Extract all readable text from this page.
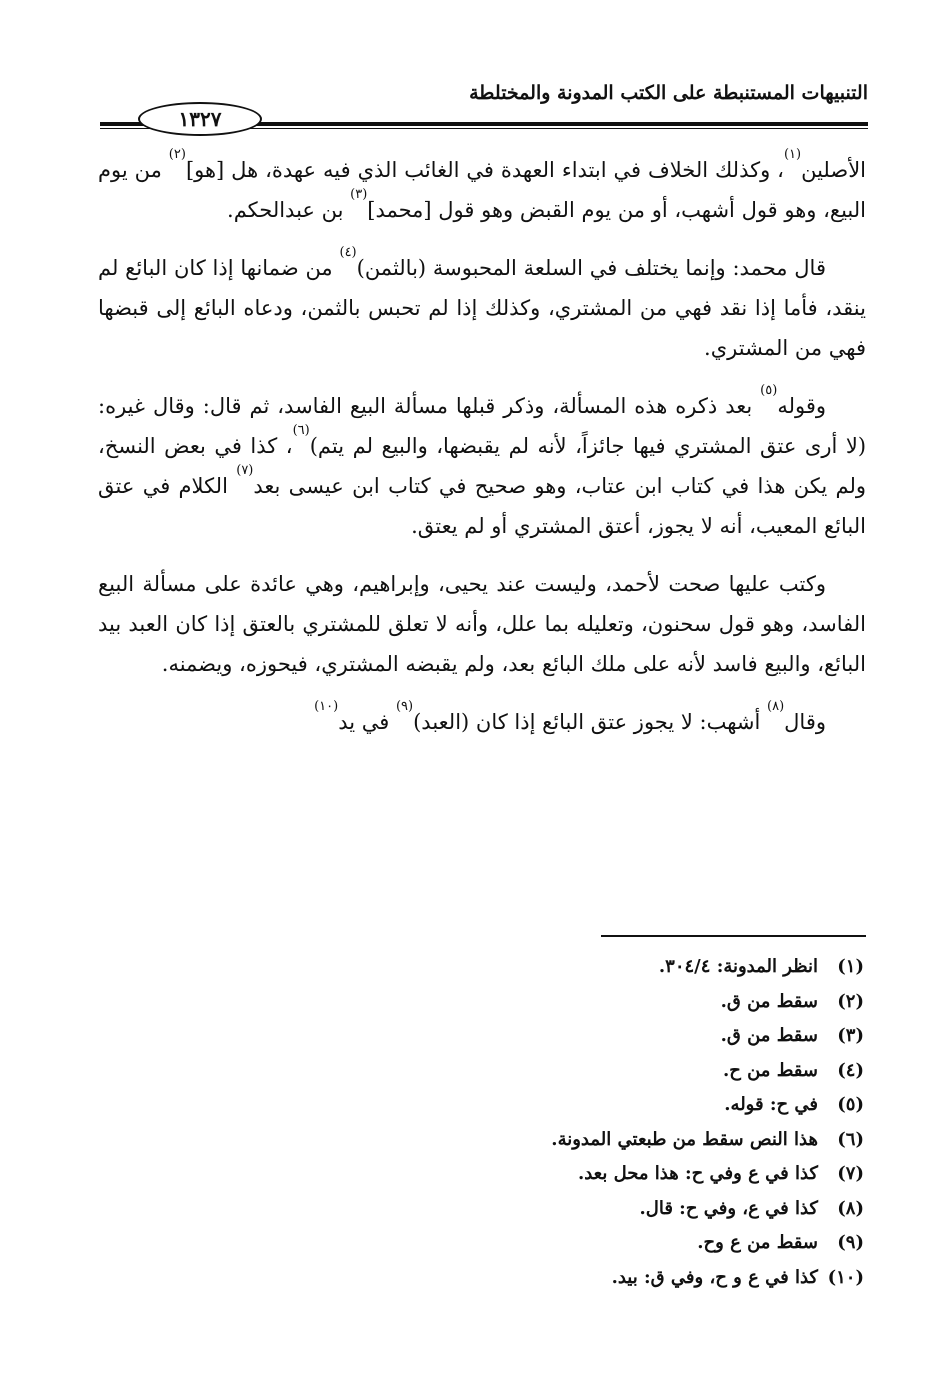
التنبيهات المستنبطة على الكتب المدونة والمختلطة
١٣٢٧

الأصلين$^{(١)}$، وكذلك الخلاف في ابتداء العهدة في الغائب الذي فيه عهدة، هل [هو]$^{(٢)}$ من يوم البيع، وهو قول أشهب، أو من يوم القبض وهو قول [محمد]$^{(٣)}$ بن عبدالحكم.

قال محمد: وإنما يختلف في السلعة المحبوسة (بالثمن)$^{(٤)}$ من ضمانها إذا كان البائع لم ينقد، فأما إذا نقد فهي من المشتري، وكذلك إذا لم تحبس بالثمن، ودعاه البائع إلى قبضها فهي من المشتري.

وقوله$^{(٥)}$ بعد ذكره هذه المسألة، وذكر قبلها مسألة البيع الفاسد، ثم قال: وقال غيره: (لا أرى عتق المشتري فيها جائزاً، لأنه لم يقبضها، والبيع لم يتم)$^{(٦)}$، كذا في بعض النسخ، ولم يكن هذا في كتاب ابن عتاب، وهو صحيح في كتاب ابن عيسى بعد$^{(٧)}$ الكلام في عتق البائع المعيب، أنه لا يجوز، أعتق المشتري أو لم يعتق.

وكتب عليها صحت لأحمد، وليست عند يحيى، وإبراهيم، وهي عائدة على مسألة البيع الفاسد، وهو قول سحنون، وتعليله بما علل، وأنه لا تعلق للمشتري بالعتق إذا كان العبد بيد البائع، والبيع فاسد لأنه على ملك البائع بعد، ولم يقبضه المشتري، فيحوزه، ويضمنه.

وقال$^{(٨)}$ أشهب: لا يجوز عتق البائع إذا كان (العبد)$^{(٩)}$ في يد$^{(١٠)}$

(١)
انظر المدونة: ٣٠٤/٤.
(٢)
سقط من ق.
(٣)
سقط من ق.
(٤)
سقط من ح.
(٥)
في ح: قوله.
(٦)
هذا النص سقط من طبعتي المدونة.
(٧)
كذا في ع وفي ح: هذا محل بعد.
(٨)
كذا في ع، وفي ح: قال.
(٩)
سقط من ع وح.
(١٠)
كذا في ع و ح، وفي ق: بيد.
